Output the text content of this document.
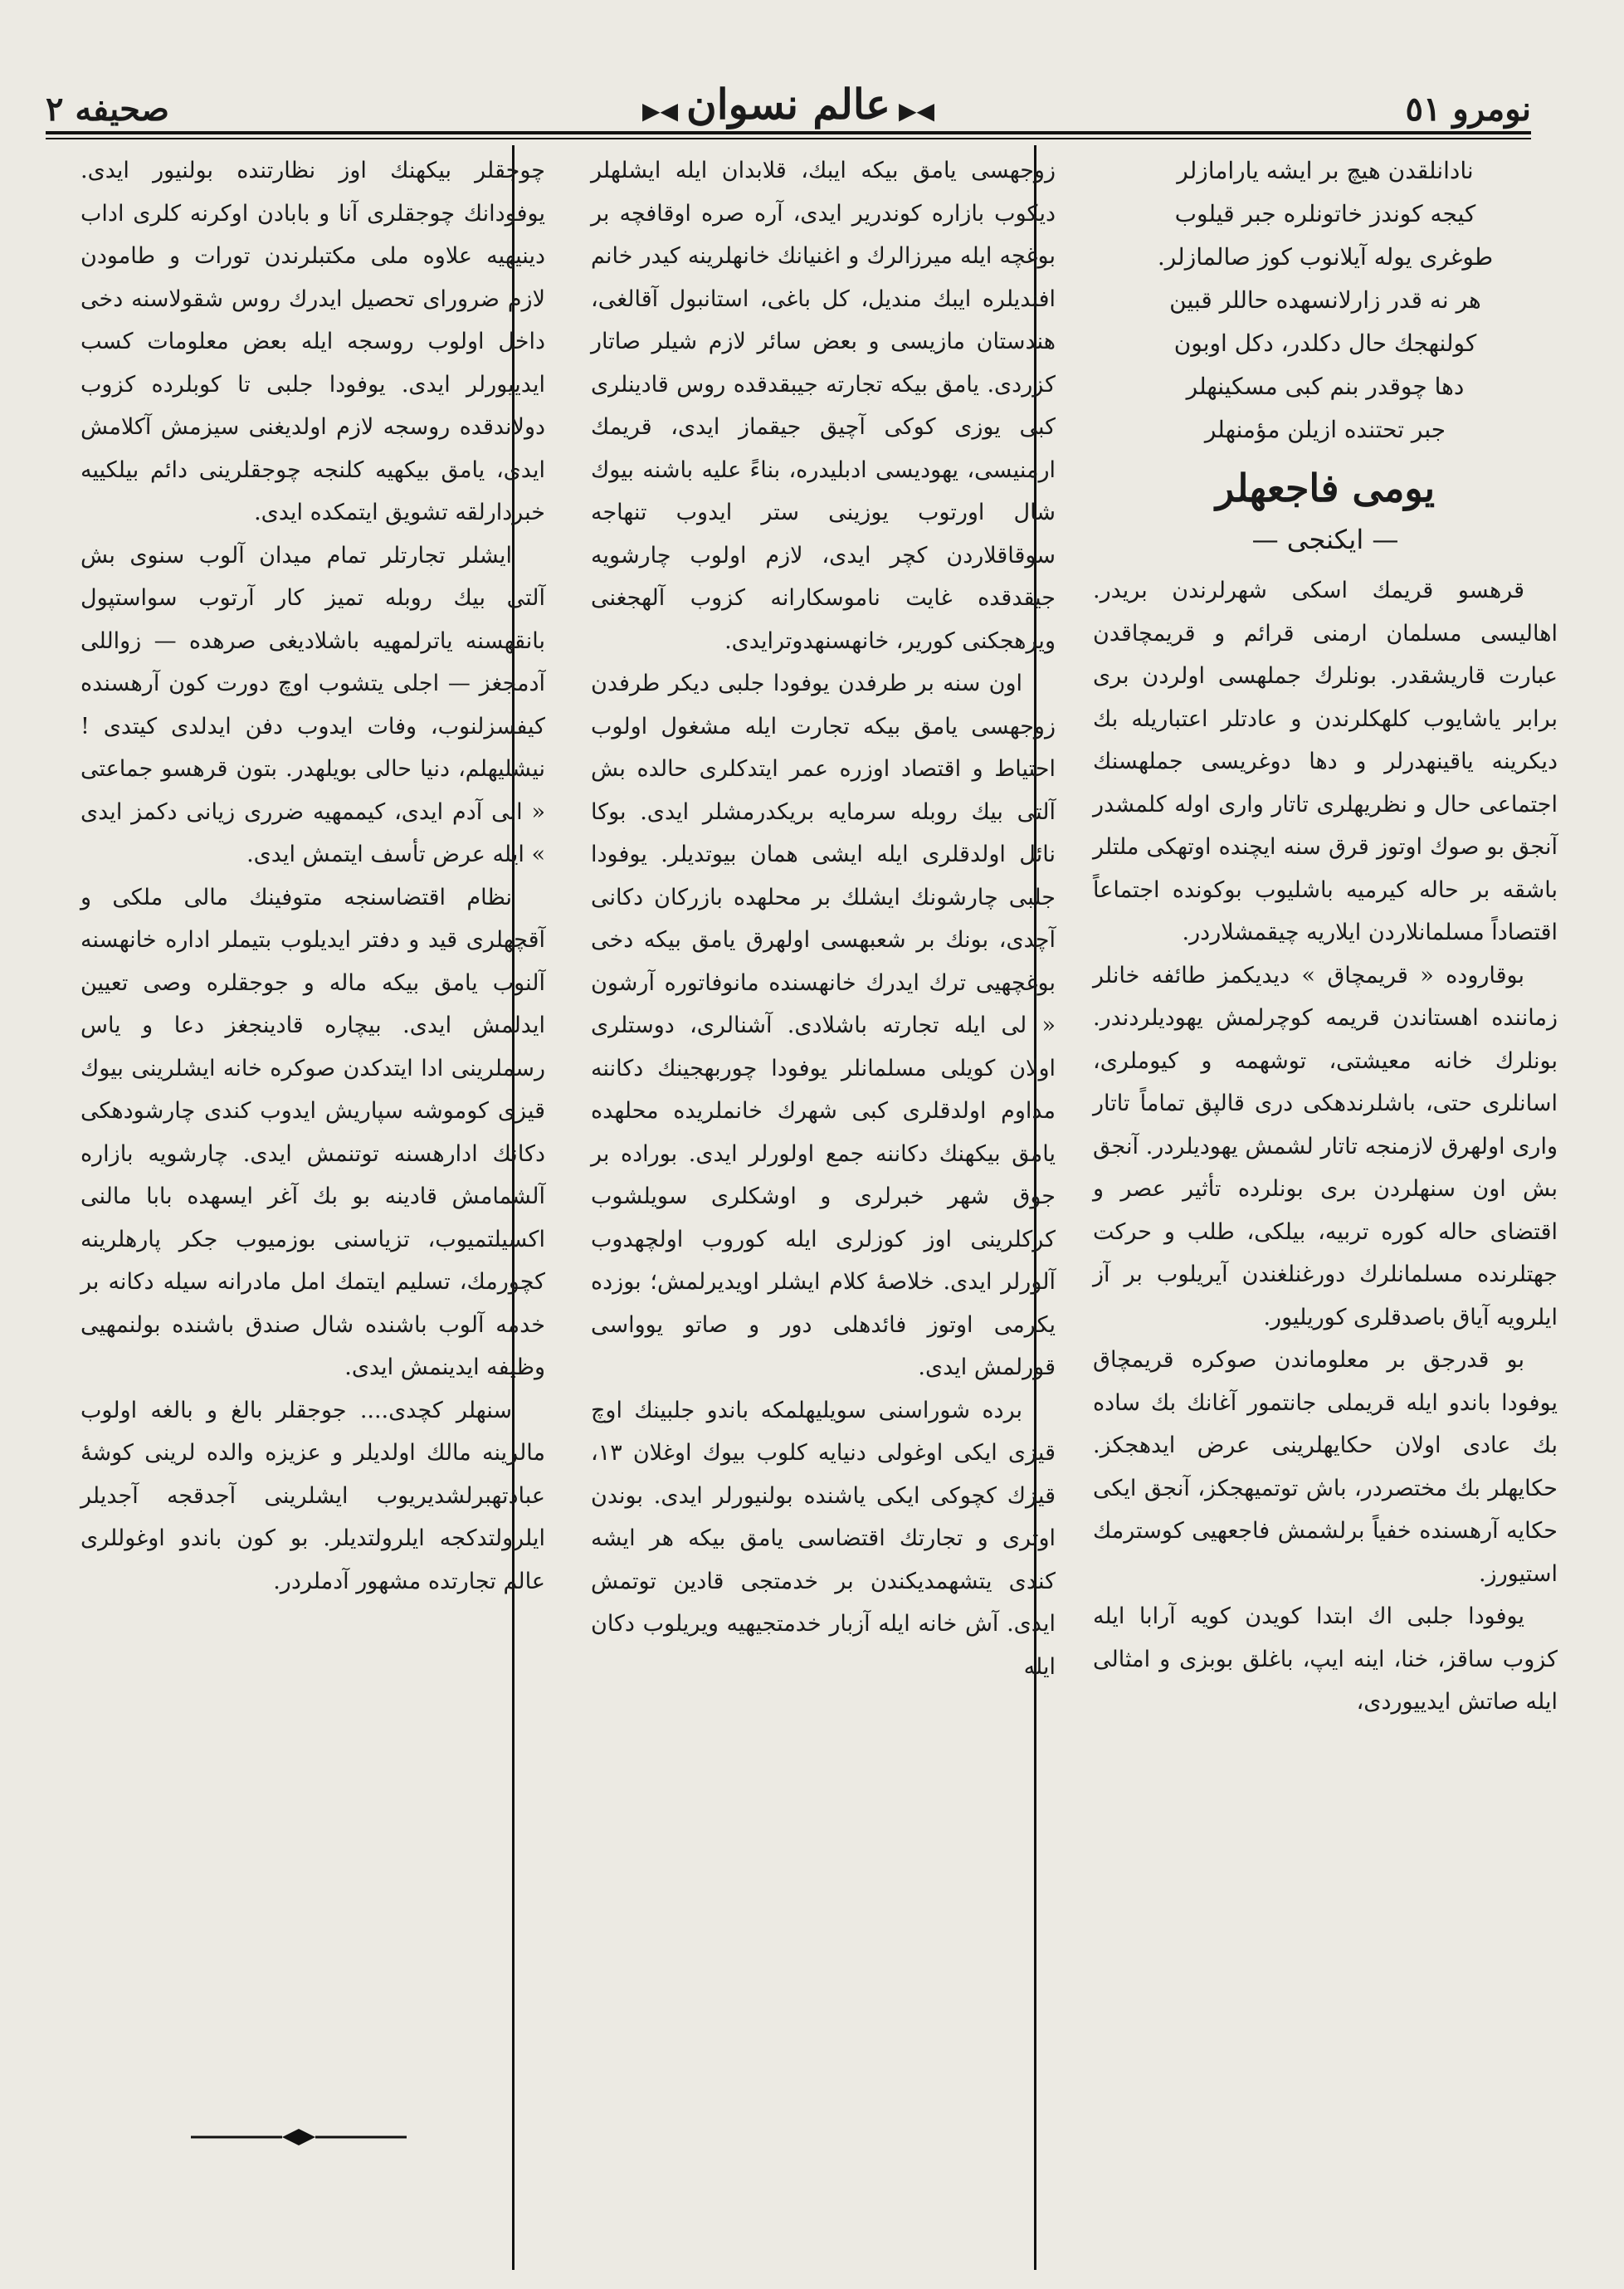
نومرو ٥١
◀▶عالم نسوان◀▶
صحیفه ٢
نادانلقدن هیچ بر ایشه یارامازلر
کیجه کوندز خاتونلره جبر قیلوب
طوغری یوله آیلانوب کوز صالمازلر.
هر نه قدر زارلانسهده حاللر قبین
کولنهجك حال دکلدر، دکل اوبون
دها چوقدر بنم کبی مسکینهلر
جبر تحتنده ازیلن مؤمنهلر
یومی فاجعهلر
— ایکنجی —

قرهسو قریمك اسکی شهرلرندن بریدر. اهالیسی مسلمان ارمنی قرائم و قریمچاقدن عبارت قاریشقدر. بونلرك جملهسی اولردن بری برابر یاشایوب کلهکلرندن و عادتلر اعتباریله بك دیکرینه یاقینهدرلر و دها دوغریسی جملهسنك اجتماعی حال و نظریهلری تاتار واری اوله کلمشدر آنجق بو صوك اوتوز قرق سنه ایچنده اوتهکی ملتلر باشقه بر حاله کیرمیه باشلیوب بوکونده اجتماعاً اقتصاداً مسلمانلاردن ایلاریه چیقمشلاردر.

بوقاروده « قریمچاق » دیدیکمز طائفه خانلر زماننده اهستاندن قریمه کوچرلمش یهودیلردندر. بونلرك خانه معیشتی، توشهمه و کیوملری، اسانلری حتی، باشلرندهکی دری قالپق تماماً تاتار واری اولهرق لازمنجه تاتار لشمش یهودیلردر. آنجق بش اون سنهلردن بری بونلرده تأثیر عصر و اقتضای حاله کوره تربیه، بیلکی، طلب و حرکت جهتلرنده مسلمانلرك دورغنلغندن آیریلوب بر آز ایلرویه آیاق باصدقلری کوریلیور.

بو قدرجق بر معلوماندن صوکره قریمچاق یوفودا باندو ایله قریملی جانتمور آغانك بك ساده بك عادی اولان حکایهلرینی عرض ایدهجکز. حکایهلر بك مختصردر، باش توتمیهجکز، آنجق ایکی حکایه آرهسنده خفیاً برلشمش فاجعهیی کوسترمك استیورز.

یوفودا جلبی اك ابتدا کویدن کویه آرابا ایله کزوب ساقز، خنا، اینه ایپ، باغلق بوبزی و امثالی ایله صاتش ایدییوردی،

زوجهسی یامق بیکه ایبك، قلابدان ایله ایشلهلر دیکوب بازاره کوندریر ایدی، آره صره اوقافچه بر بوغچه ایله میرزالرك و اغنیانك خانهلرینه کیدر خانم افندیلره ایبك مندیل، کل باغی، استانبول آقالغی، هندستان مازیسی و بعض سائر لازم شیلر صاتار کزردی. یامق بیکه تجارته جیبقدقده روس قادینلری کبی یوزی کوکی آچیق جیقماز ایدی، قریمك ارمنیسی، یهودیسی ادبلیدره، بناءً علیه باشنه بیوك شال اورتوب یوزینی ستر ایدوب تنهاجه سوقاقلاردن کچر ایدی، لازم اولوب چارشویه جیقدقده غایت ناموسکارانه کزوب آلهجغنی ویرهجکنی کوریر، خانهسنهدوترایدی.

اون سنه بر طرفدن یوفودا جلبی دیکر طرفدن زوجهسی یامق بیکه تجارت ایله مشغول اولوب احتیاط و اقتصاد اوزره عمر ایتدکلری حالده بش آلتی بیك روبله سرمایه بریکدرمشلر ایدی. بوکا نائل اولدقلری ایله ایشی همان بیوتدیلر. یوفودا جلبی چارشونك ایشلك بر محلهده بازرکان دکانی آچدی، بونك بر شعبهسی اولهرق یامق بیکه دخی بوغچهیی ترك ایدرك خانهسنده مانوفاتوره آرشون « لی ایله تجارته باشلادی. آشنالری، دوستلری اولان کویلی مسلمانلر یوفودا چوربهجینك دکاننه مداوم اولدقلری کبی شهرك خانملریده محلهده یامق بیکهنك دکاننه جمع اولورلر ایدی. بوراده بر جوق شهر خبرلری و اوشکلری سویلشوب کرکلرینی اوز کوزلری ایله کوروب اولچهدوب آلورلر ایدی. خلاصهٔ کلام ایشلر اویدیرلمش؛ بوزده یکرمی اوتوز فائدهلی دور و صاتو یوواسی قورلمش ایدی.

برده شوراسنی سویلیهلمکه باندو جلبینك اوچ قیزی ایکی اوغولی دنیایه کلوب بیوك اوغلان ١٣، قیزك کچوکی ایکی یاشنده بولنیورلر ایدی. بوندن اوتری و تجارتك اقتضاسی یامق بیکه هر ایشه کندی یتشهمدیکندن بر خدمتجی قادین توتمش ایدی. آش خانه ایله آزبار خدمتجیهیه ویریلوب دکان ایله

چوجقلر بیکهنك اوز نظارتنده بولنیور ایدی. یوفودانك چوجقلری آنا و بابادن اوکرنه کلری اداب دینیهیه علاوه ملی مکتبلرندن تورات و طامودن لازم ضرورای تحصیل ایدرك روس شقولاسنه دخی داخل اولوب روسجه ایله بعض معلومات کسب ایدییورلر ایدی. یوفودا جلبی تا کوبلرده کزوب دولاندقده روسجه لازم اولدیغنی سیزمش آکلامش ایدی، یامق بیکهیه کلنجه چوجقلرینی دائم بیلکییه خبردارلقه تشویق ایتمکده ایدی.

ایشلر تجارتلر تمام میدان آلوب سنوی بش آلتی بیك روبله تمیز کار آرتوب سواستپول بانقهسنه یاترلمهیه باشلادیغی صرهده — زواللی آدمجغز — اجلی یتشوب اوچ دورت کون آرهسنده کیفسزلنوب، وفات ایدوب دفن ایدلدی کیتدی ! نیشلیهلم، دنیا حالی بویلهدر. بتون قرهسو جماعتی « ابی آدم ایدی، کیممهیه ضرری زیانی دکمز ایدی » ایله عرض تأسف ایتمش ایدی.

نظام اقتضاسنجه متوفینك مالی ملکی و آقچهلری قید و دفتر ایدیلوب بتیملر اداره خانهسنه آلنوب یامق بیکه ماله و جوجقلره وصی تعیین ایدلمش ایدی. بیچاره قادینجغز دعا و یاس رسملرینی ادا ایتدکدن صوکره خانه ایشلرینی بیوك قیزی کوموشه سپاریش ایدوب کندی چارشودهکی دکانك ادارهسنه توتنمش ایدی. چارشویه بازاره آلشمامش قادینه بو بك آغر ایسهده بابا مالنی اکسیلتمیوب، تزیاسنی بوزمیوب جکر پارهلرینه کچورمك، تسلیم ایتمك امل مادرانه سیله دکانه بر خدمه آلوب باشنده شال صندق باشنده بولنمهیی وظیفه ایدینمش ایدی.

سنهلر کچدی.... جوجقلر بالغ و بالغه اولوب مالرینه مالك اولدیلر و عزیزه والده لرینی کوشهٔ عبادتهبرلشدیریوب ایشلرینی آجدقجه آجدیلر ایلرولتدکجه ایلرولتدیلر. بو کون باندو اوغوللری عالم تجارتده مشهور آدملردر.
